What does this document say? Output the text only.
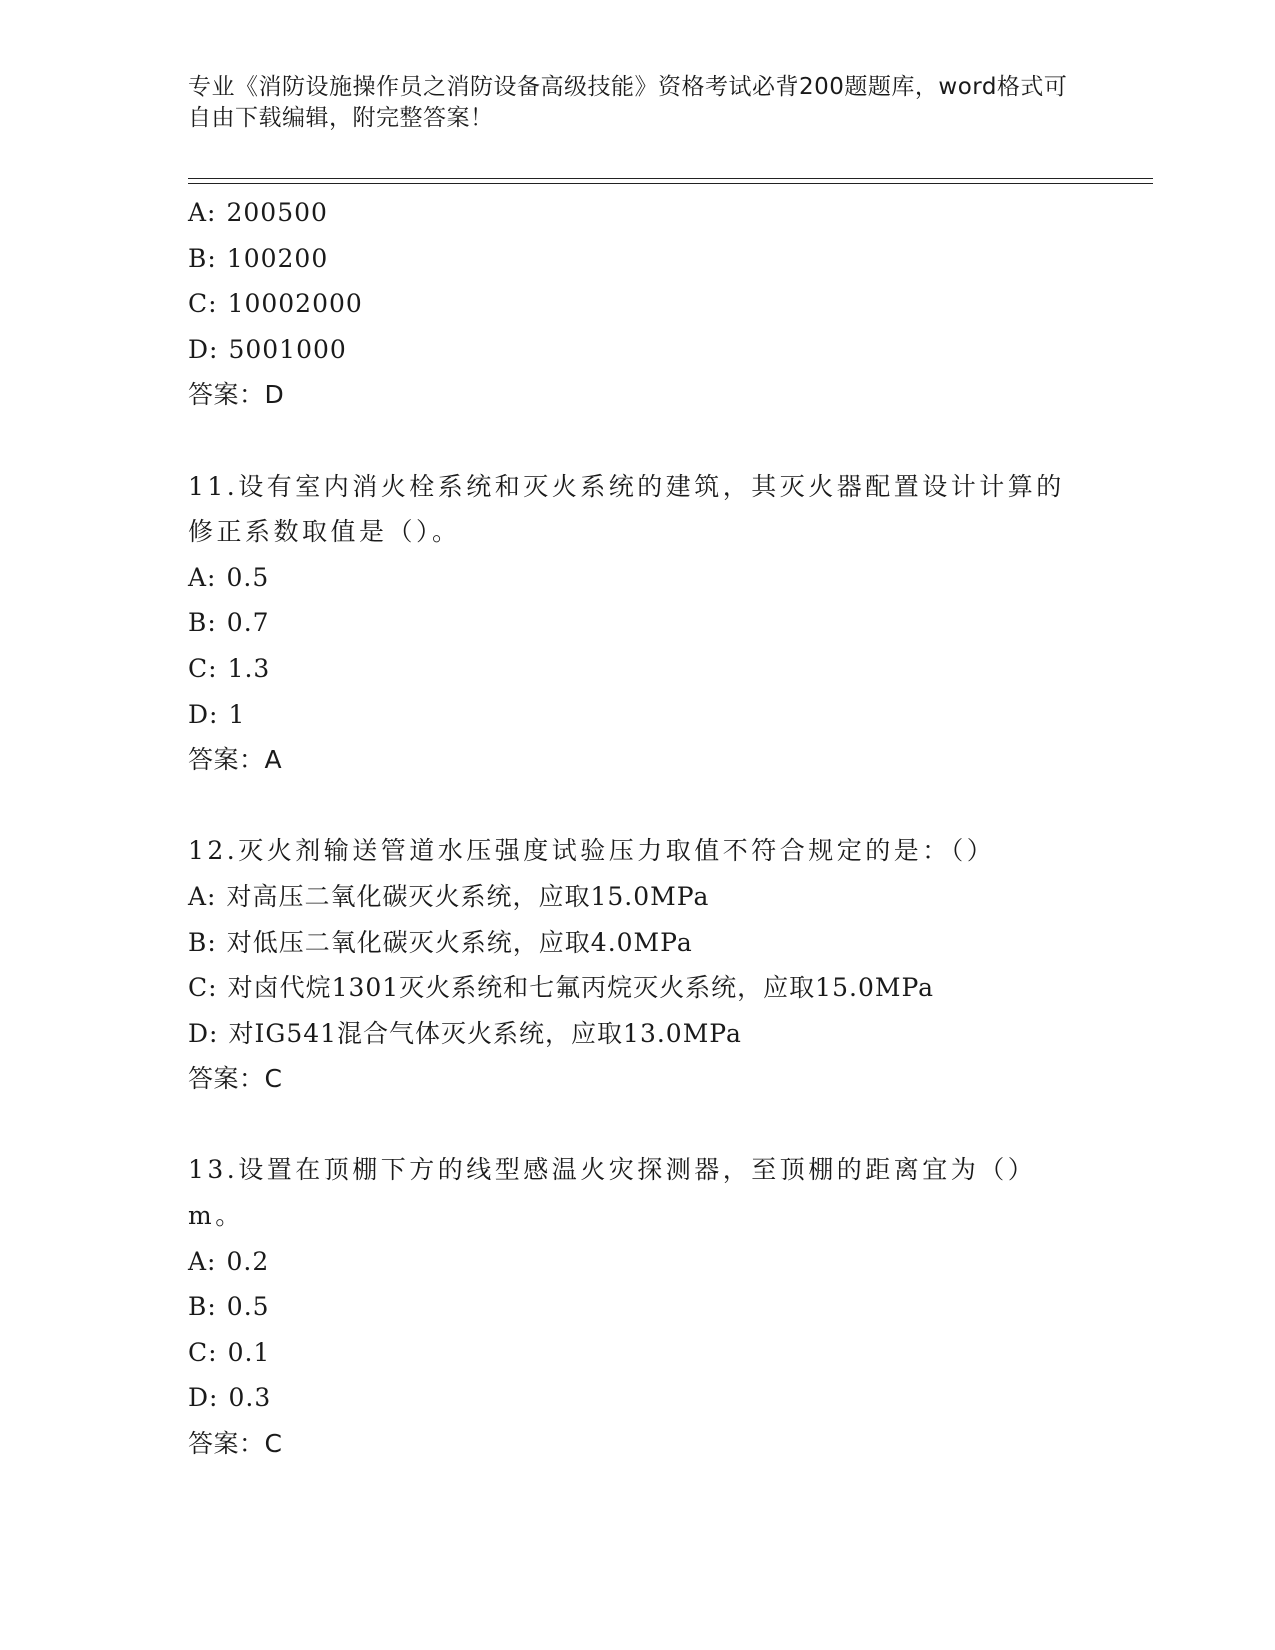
专业《消防设施操作员之消防设备高级技能》资格考试必背200题题库，word格式可自由下载编辑，附完整答案！
A: 200500
B: 100200
C: 10002000
D: 5001000
答案：D
11.设有室内消火栓系统和灭火系统的建筑，其灭火器配置设计计算的修正系数取值是（）。
A: 0.5
B: 0.7
C: 1.3
D: 1
答案：A
12.灭火剂输送管道水压强度试验压力取值不符合规定的是：（）
A: 对高压二氧化碳灭火系统，应取15.0MPa
B: 对低压二氧化碳灭火系统，应取4.0MPa
C: 对卤代烷1301灭火系统和七氟丙烷灭火系统，应取15.0MPa
D: 对IG541混合气体灭火系统，应取13.0MPa
答案：C
13.设置在顶棚下方的线型感温火灾探测器，至顶棚的距离宜为（）m。
A: 0.2
B: 0.5
C: 0.1
D: 0.3
答案：C
